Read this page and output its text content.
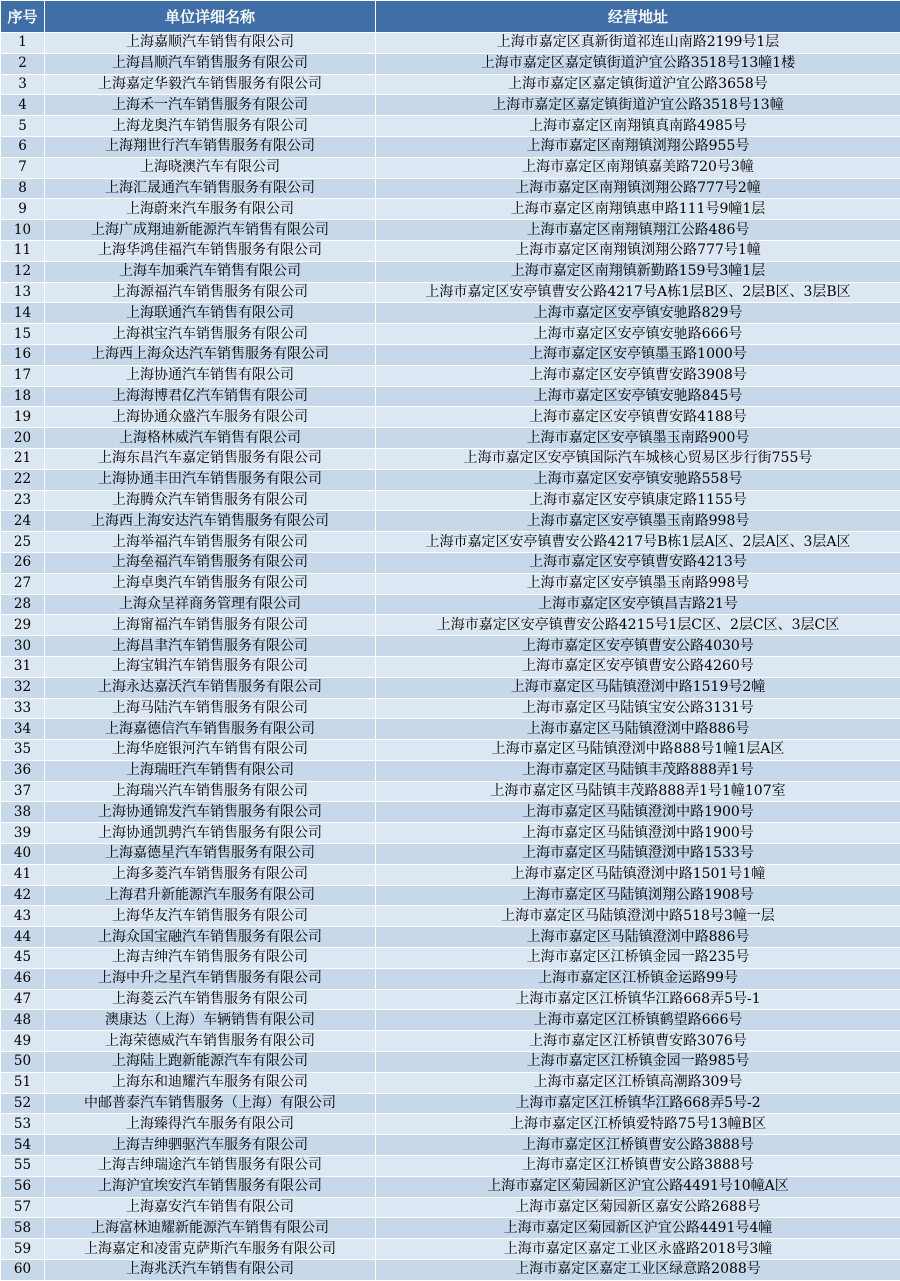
序号	单位详细名称	经营地址
1	上海嘉顺汽车销售有限公司	上海市嘉定区真新街道祁连山南路2199号1层
2	上海昌顺汽车销售服务有限公司	上海市嘉定区嘉定镇街道沪宜公路3518号13幢1楼
3	上海嘉定华毅汽车销售服务有限公司	上海市嘉定区嘉定镇街道沪宜公路3658号
4	上海禾一汽车销售服务有限公司	上海市嘉定区嘉定镇街道沪宜公路3518号13幢
5	上海龙奥汽车销售服务有限公司	上海市嘉定区南翔镇真南路4985号
6	上海翔世行汽车销售服务有限公司	上海市嘉定区南翔镇浏翔公路955号
7	上海晓澳汽车有限公司	上海市嘉定区南翔镇嘉美路720号3幢
8	上海汇晟通汽车销售服务有限公司	上海市嘉定区南翔镇浏翔公路777号2幢
9	上海蔚来汽车服务有限公司	上海市嘉定区南翔镇惠申路111号9幢1层
10	上海广成翔迪新能源汽车销售有限公司	上海市嘉定区南翔镇翔江公路486号
11	上海华鸿佳福汽车销售服务有限公司	上海市嘉定区南翔镇浏翔公路777号1幢
12	上海车加乘汽车销售有限公司	上海市嘉定区南翔镇新勤路159号3幢1层
13	上海源福汽车销售服务有限公司	上海市嘉定区安亭镇曹安公路4217号A栋1层B区、2层B区、3层B区
14	上海联通汽车销售有限公司	上海市嘉定区安亭镇安驰路829号
15	上海祺宝汽车销售服务有限公司	上海市嘉定区安亭镇安驰路666号
16	上海西上海众达汽车销售服务有限公司	上海市嘉定区安亭镇墨玉路1000号
17	上海协通汽车销售有限公司	上海市嘉定区安亭镇曹安路3908号
18	上海海博君亿汽车销售有限公司	上海市嘉定区安亭镇安驰路845号
19	上海协通众盛汽车服务有限公司	上海市嘉定区安亭镇曹安路4188号
20	上海格林威汽车销售有限公司	上海市嘉定区安亭镇墨玉南路900号
21	上海东昌汽车嘉定销售服务有限公司	上海市嘉定区安亭镇国际汽车城核心贸易区步行街755号
22	上海协通丰田汽车销售服务有限公司	上海市嘉定区安亭镇安驰路558号
23	上海腾众汽车销售服务有限公司	上海市嘉定区安亭镇康定路1155号
24	上海西上海安达汽车销售服务有限公司	上海市嘉定区安亭镇墨玉南路998号
25	上海举福汽车销售服务有限公司	上海市嘉定区安亭镇曹安公路4217号B栋1层A区、2层A区、3层A区
26	上海垒福汽车销售服务有限公司	上海市嘉定区安亭镇曹安路4213号
27	上海卓奥汽车销售服务有限公司	上海市嘉定区安亭镇墨玉南路998号
28	上海众呈祥商务管理有限公司	上海市嘉定区安亭镇昌吉路21号
29	上海甯福汽车销售服务有限公司	上海市嘉定区安亭镇曹安公路4215号1层C区、2层C区、3层C区
30	上海昌聿汽车销售服务有限公司	上海市嘉定区安亭镇曹安公路4030号
31	上海宝辑汽车销售服务有限公司	上海市嘉定区安亭镇曹安公路4260号
32	上海永达嘉沃汽车销售服务有限公司	上海市嘉定区马陆镇澄浏中路1519号2幢
33	上海马陆汽车销售服务有限公司	上海市嘉定区马陆镇宝安公路3131号
34	上海嘉德信汽车销售服务有限公司	上海市嘉定区马陆镇澄浏中路886号
35	上海华庭银河汽车销售有限公司	上海市嘉定区马陆镇澄浏中路888号1幢1层A区
36	上海瑞旺汽车销售有限公司	上海市嘉定区马陆镇丰茂路888弄1号
37	上海瑞兴汽车销售服务有限公司	上海市嘉定区马陆镇丰茂路888弄1号1幢107室
38	上海协通锦发汽车销售服务有限公司	上海市嘉定区马陆镇澄浏中路1900号
39	上海协通凯骋汽车销售服务有限公司	上海市嘉定区马陆镇澄浏中路1900号
40	上海嘉德星汽车销售服务有限公司	上海市嘉定区马陆镇澄浏中路1533号
41	上海多菱汽车销售服务有限公司	上海市嘉定区马陆镇澄浏中路1501号1幢
42	上海君升新能源汽车服务有限公司	上海市嘉定区马陆镇浏翔公路1908号
43	上海华友汽车销售服务有限公司	上海市嘉定区马陆镇澄浏中路518号3幢一层
44	上海众国宝融汽车销售服务有限公司	上海市嘉定区马陆镇澄浏中路886号
45	上海吉绅汽车销售服务有限公司	上海市嘉定区江桥镇金园一路235号
46	上海中升之星汽车销售服务有限公司	上海市嘉定区江桥镇金运路99号
47	上海菱云汽车销售服务有限公司	上海市嘉定区江桥镇华江路668弄5号-1
48	澳康达（上海）车辆销售有限公司	上海市嘉定区江桥镇鹤望路666号
49	上海荣德威汽车销售服务有限公司	上海市嘉定区江桥镇曹安路3076号
50	上海陆上跑新能源汽车有限公司	上海市嘉定区江桥镇金园一路985号
51	上海东和迪耀汽车服务有限公司	上海市嘉定区江桥镇高潮路309号
52	中邮普泰汽车销售服务（上海）有限公司	上海市嘉定区江桥镇华江路668弄5号-2
53	上海臻得汽车服务有限公司	上海市嘉定区江桥镇爱特路75号13幢B区
54	上海吉绅驷驱汽车服务有限公司	上海市嘉定区江桥镇曹安公路3888号
55	上海吉绅瑞途汽车销售服务有限公司	上海市嘉定区江桥镇曹安公路3888号
56	上海沪宜埃安汽车销售服务有限公司	上海市嘉定区菊园新区沪宜公路4491号10幢A区
57	上海嘉安汽车销售有限公司	上海市嘉定区菊园新区嘉安公路2688号
58	上海富林迪耀新能源汽车销售有限公司	上海市嘉定区菊园新区沪宜公路4491号4幢
59	上海嘉定和凌雷克萨斯汽车服务有限公司	上海市嘉定区嘉定工业区永盛路2018号3幢
60	上海兆沃汽车销售有限公司	上海市嘉定区嘉定工业区绿意路2088号
